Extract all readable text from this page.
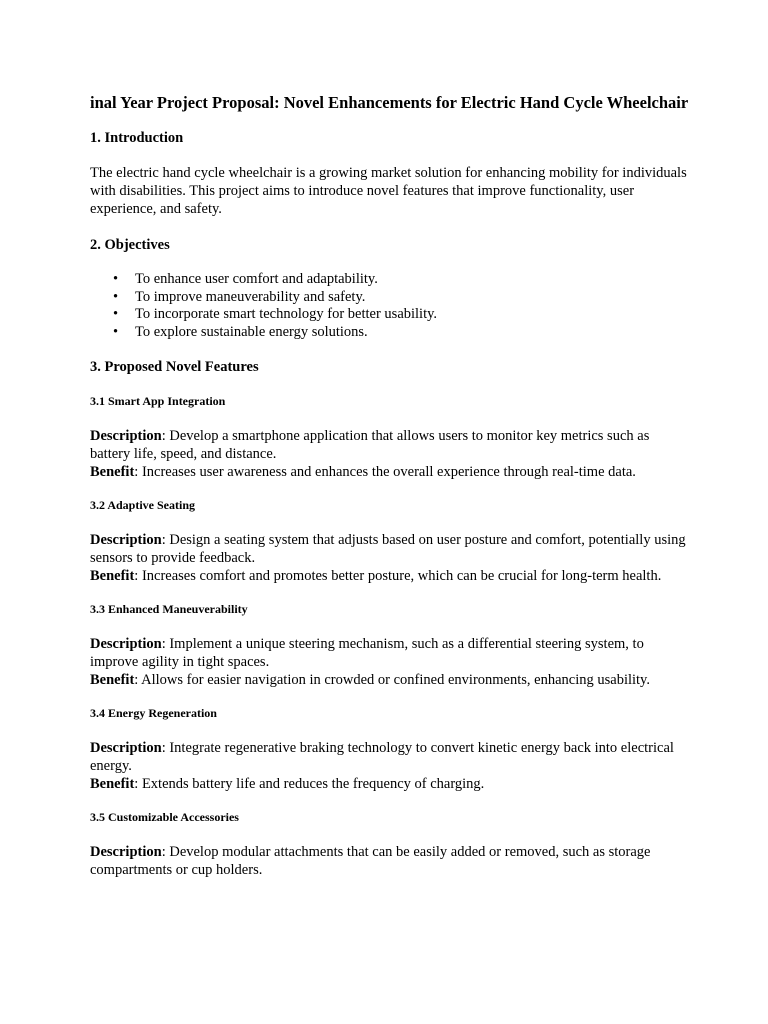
inal Year Project Proposal: Novel Enhancements for Electric Hand Cycle Wheelchair
1. Introduction

The electric hand cycle wheelchair is a growing market solution for enhancing mobility for individuals with disabilities. This project aims to introduce novel features that improve functionality, user experience, and safety.

2. Objectives
• To enhance user comfort and adaptability.
• To improve maneuverability and safety.
• To incorporate smart technology for better usability.
• To explore sustainable energy solutions.
3. Proposed Novel Features
3.1 Smart App Integration

Description: Develop a smartphone application that allows users to monitor key metrics such as battery life, speed, and distance.
Benefit: Increases user awareness and enhances the overall experience through real-time data.

3.2 Adaptive Seating

Description: Design a seating system that adjusts based on user posture and comfort, potentially using sensors to provide feedback.
Benefit: Increases comfort and promotes better posture, which can be crucial for long-term health.

3.3 Enhanced Maneuverability

Description: Implement a unique steering mechanism, such as a differential steering system, to improve agility in tight spaces.
Benefit: Allows for easier navigation in crowded or confined environments, enhancing usability.

3.4 Energy Regeneration

Description: Integrate regenerative braking technology to convert kinetic energy back into electrical energy.
Benefit: Extends battery life and reduces the frequency of charging.

3.5 Customizable Accessories

Description: Develop modular attachments that can be easily added or removed, such as storage compartments or cup holders.
